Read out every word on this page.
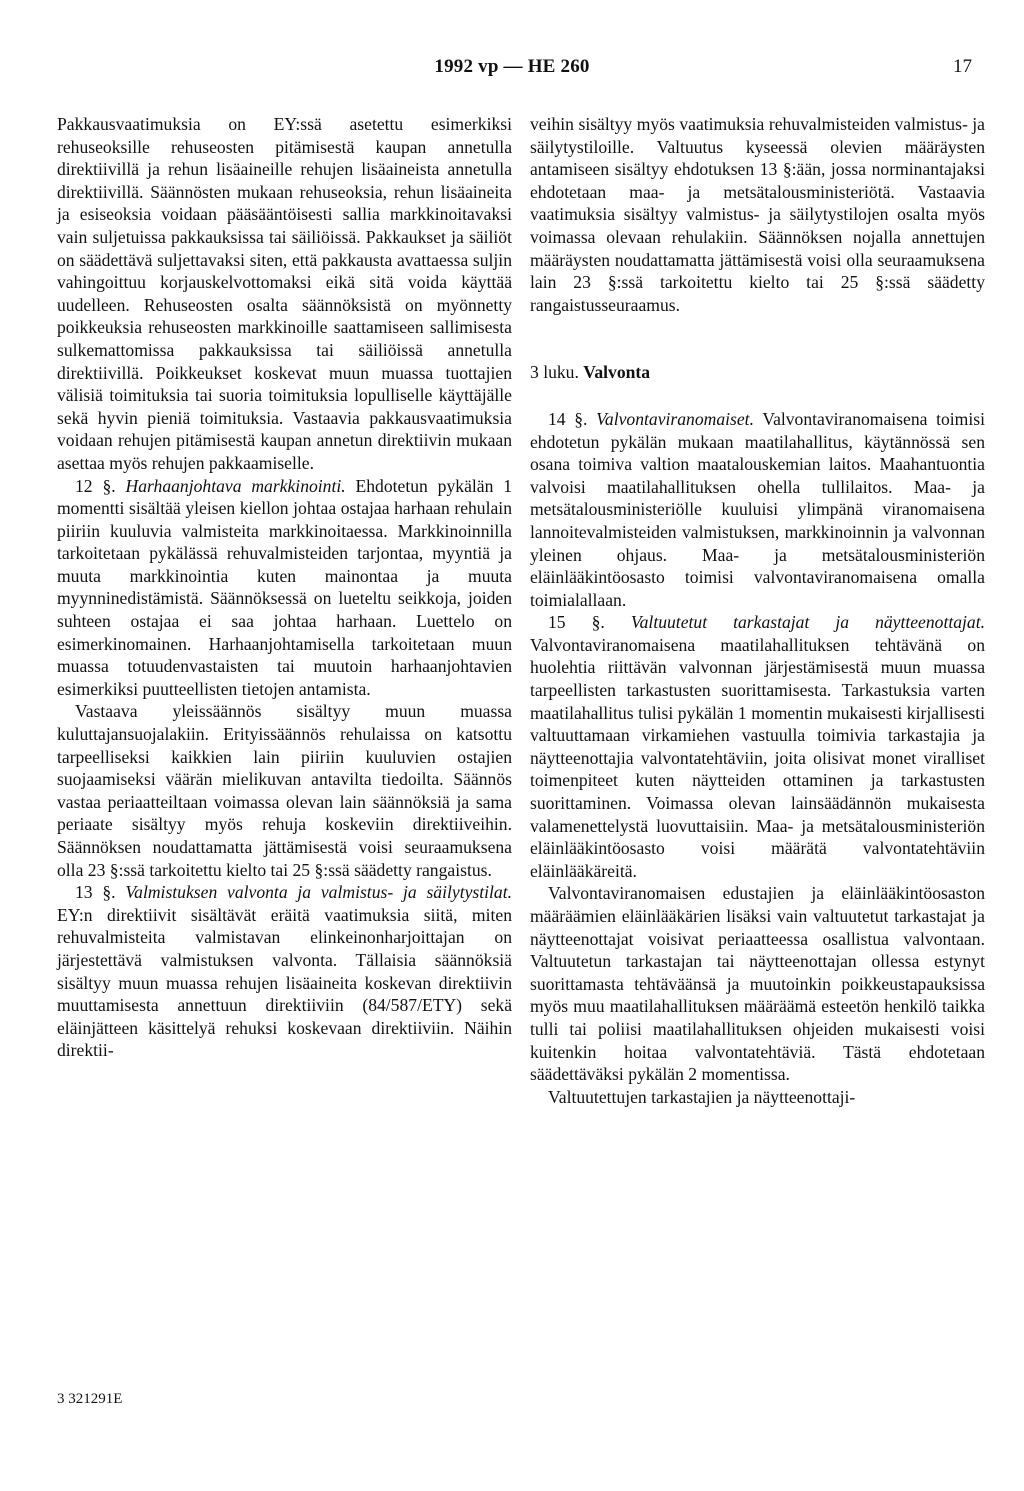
1992 vp — HE 260	17

Pakkausvaatimuksia on EY:ssä asetettu esimerkiksi rehuseoksille rehuseosten pitämisestä kaupan annetulla direktiivillä ja rehun lisäaineille rehujen lisäaineista annetulla direktiivillä. Säännösten mukaan rehuseoksia, rehun lisäaineita ja esiseoksia voidaan pääsääntöisesti sallia markkinoitavaksi vain suljetuissa pakkauksissa tai säiliöissä. Pakkaukset ja säiliöt on säädettävä suljettavaksi siten, että pakkausta avattaessa suljin vahingoittuu korjauskelvottomaksi eikä sitä voida käyttää uudelleen. Rehuseosten osalta säännöksistä on myönnetty poikkeuksia rehuseosten markkinoille saattamiseen sallimisesta sulkemattomissa pakkauksissa tai säiliöissä annetulla direktiivillä. Poikkeukset koskevat muun muassa tuottajien välisiä toimituksia tai suoria toimituksia lopulliselle käyttäjälle sekä hyvin pieniä toimituksia. Vastaavia pakkausvaatimuksia voidaan rehujen pitämisestä kaupan annetun direktiivin mukaan asettaa myös rehujen pakkaamiselle.

12 §. Harhaanjohtava markkinointi. Ehdotetun pykälän 1 momentti sisältää yleisen kiellon johtaa ostajaa harhaan rehulain piiriin kuuluvia valmisteita markkinoitaessa. Markkinoinnilla tarkoitetaan pykälässä rehuvalmisteiden tarjontaa, myyntiä ja muuta markkinointia kuten mainontaa ja muuta myynninedistämistä. Säännöksessä on lueteltu seikkoja, joiden suhteen ostajaa ei saa johtaa harhaan. Luettelo on esimerkinomainen. Harhaanjohtamisella tarkoitetaan muun muassa totuudenvastaisten tai muutoin harhaanjohtavien esimerkiksi puutteellisten tietojen antamista.

Vastaava yleissäännös sisältyy muun muassa kuluttajansuojalakiin. Erityissäännös rehulaissa on katsottu tarpeelliseksi kaikkien lain piiriin kuuluvien ostajien suojaamiseksi väärän mielikuvan antavilta tiedoilta. Säännös vastaa periaatteiltaan voimassa olevan lain säännöksiä ja sama periaate sisältyy myös rehuja koskeviin direktiiveihin. Säännöksen noudattamatta jättämisestä voisi seuraamuksena olla 23 §:ssä tarkoitettu kielto tai 25 §:ssä säädetty rangaistus.

13 §. Valmistuksen valvonta ja valmistus- ja säilytystilat. EY:n direktiivit sisältävät eräitä vaatimuksia siitä, miten rehuvalmisteita valmistavan elinkeinonharjoittajan on järjestettävä valmistuksen valvonta. Tällaisia säännöksiä sisältyy muun muassa rehujen lisäaineita koskevan direktiivin muuttamisesta annettuun direktiiviin (84/587/ETY) sekä eläinjätteen käsittelyä rehuksi koskevaan direktiiviin. Näihin direktii-

veihin sisältyy myös vaatimuksia rehuvalmisteiden valmistus- ja säilytystiloille. Valtuutus kyseessä olevien määräysten antamiseen sisältyy ehdotuksen 13 §:ään, jossa norminantajaksi ehdotetaan maa- ja metsätalousministeriötä. Vastaavia vaatimuksia sisältyy valmistus- ja säilytystilojen osalta myös voimassa olevaan rehulakiin. Säännöksen nojalla annettujen määräysten noudattamatta jättämisestä voisi olla seuraamuksena lain 23 §:ssä tarkoitettu kielto tai 25 §:ssä säädetty rangaistusseuraamus.

3 luku. Valvonta

14 §. Valvontaviranomaiset. Valvontaviranomaisena toimisi ehdotetun pykälän mukaan maatilahallitus, käytännössä sen osana toimiva valtion maatalouskemian laitos. Maahantuontia valvoisi maatilahallituksen ohella tullilaitos. Maa- ja metsätalousministeriölle kuuluisi ylimpänä viranomaisena lannoitevalmisteiden valmistuksen, markkinoinnin ja valvonnan yleinen ohjaus. Maa- ja metsätalousministeriön eläinlääkintöosasto toimisi valvontaviranomaisena omalla toimialallaan.

15 §. Valtuutetut tarkastajat ja näytteenottajat. Valvontaviranomaisena maatilahallituksen tehtävänä on huolehtia riittävän valvonnan järjestämisestä muun muassa tarpeellisten tarkastusten suorittamisesta. Tarkastuksia varten maatilahallitus tulisi pykälän 1 momentin mukaisesti kirjallisesti valtuuttamaan virkamiehen vastuulla toimivia tarkastajia ja näytteenottajia valvontatehtäviin, joita olisivat monet viralliset toimenpiteet kuten näytteiden ottaminen ja tarkastusten suorittaminen. Voimassa olevan lainsäädännön mukaisesta valamenettelystä luovuttaisiin. Maa- ja metsätalousministeriön eläinlääkintöosasto voisi määrätä valvontatehtäviin eläinlääkäreitä.

Valvontaviranomaisen edustajien ja eläinlääkintöosaston määräämien eläinlääkärien lisäksi vain valtuutetut tarkastajat ja näytteenottajat voisivat periaatteessa osallistua valvontaan. Valtuutetun tarkastajan tai näytteenottajan ollessa estynyt suorittamasta tehtäväänsä ja muutoinkin poikkeustapauksissa myös muu maatilahallituksen määräämä esteetön henkilö taikka tulli tai poliisi maatilahallituksen ohjeiden mukaisesti voisi kuitenkin hoitaa valvontatehtäviä. Tästä ehdotetaan säädettäväksi pykälän 2 momentissa.

Valtuutettujen tarkastajien ja näytteenottaji-

3 321291E
